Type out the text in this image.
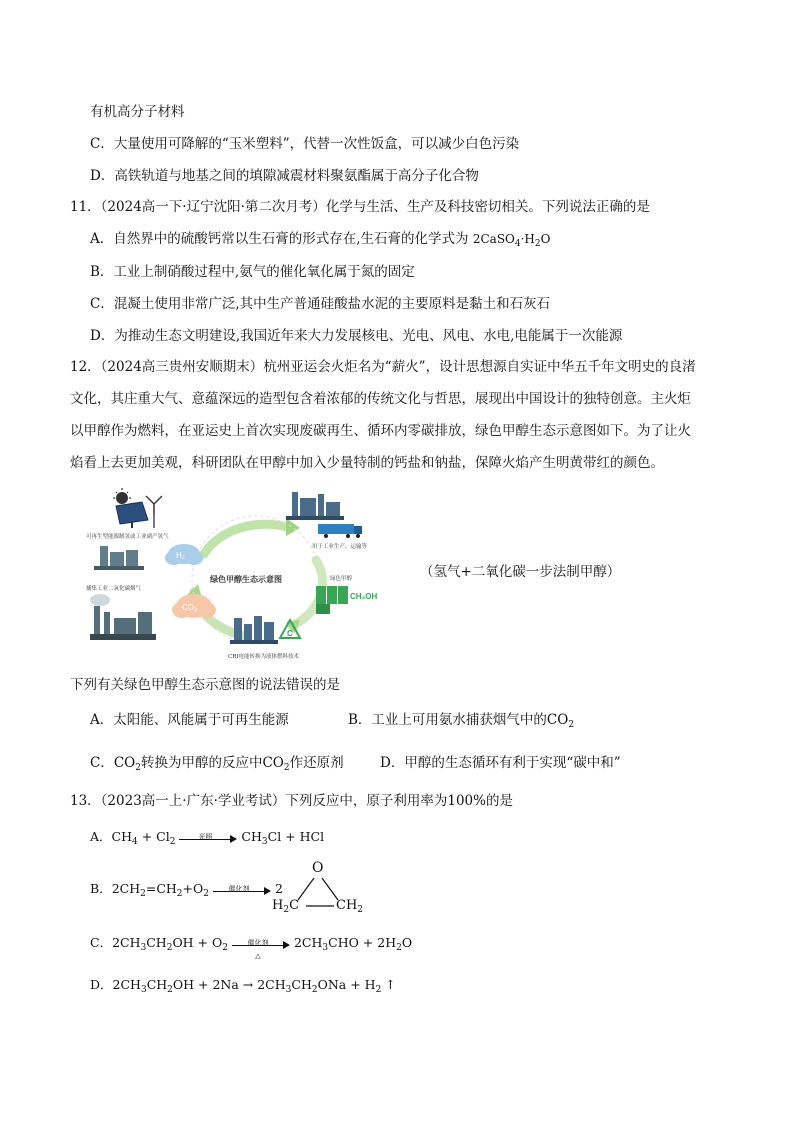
有机高分子材料
C．大量使用可降解的“玉米塑料”，代替一次性饭盒，可以减少白色污染
D．高铁轨道与地基之间的填隙减震材料聚氨酯属于高分子化合物
11．（2024高一下·辽宁沈阳·第二次月考）化学与生活、生产及科技密切相关。下列说法正确的是
A．自然界中的硫酸钙常以生石膏的形式存在,生石膏的化学式为 $2CaSO_4\cdot H_2O$
B．工业上制硝酸过程中,氨气的催化氧化属于氮的固定
C．混凝土使用非常广泛,其中生产普通硅酸盐水泥的主要原料是黏土和石灰石
D．为推动生态文明建设,我国近年来大力发展核电、光电、风电、水电,电能属于一次能源
12．（2024高三贵州安顺期末）杭州亚运会火炬名为“薪火”，设计思想源自实证中华五千年文明史的良渚
文化，其庄重大气、意蕴深远的造型包含着浓郁的传统文化与哲思，展现出中国设计的独特创意。主火炬
以甲醇作为燃料，在亚运史上首次实现废碳再生、循环内零碳排放，绿色甲醇生态示意图如下。为了让火
焰看上去更加美观，科研团队在甲醇中加入少量特制的钙盐和钠盐，保障火焰产生明黄带红的颜色。
可再生型能源制氢或工业副产氢气
H₂
捕集工业二氧化碳烟气
CO₂
绿色甲醇生态示意图
用于工业生产、运输等
绿色甲醇
CH₃OH
C
CRI电能转换为液体燃料技术
（氢气+二氧化碳一步法制甲醇）
下列有关绿色甲醇生态示意图的说法错误的是
A．太阳能、风能属于可再生能源	B．工业上可用氨水捕获烟气中的$CO_2$
C．$CO_2$转换为甲醇的反应中$CO_2$作还原剂	D．甲醇的生态循环有利于实现“碳中和”
13．（2023高一上·广东·学业考试）下列反应中，原子利用率为100%的是
A．$CH_4 + Cl_2$
光照	$CH_3Cl$ + HCl
B．$2CH_2=CH_2+O_2$
催化剂	2
O
$H_2C$	$CH_2$
C．$2CH_3CH_2OH + O_2$
催化剂
△
$2CH_3CHO + 2H_2O$
D．$2CH_3CH_2OH + 2Na \to 2CH_3CH_2ONa + H_2$ ↑
